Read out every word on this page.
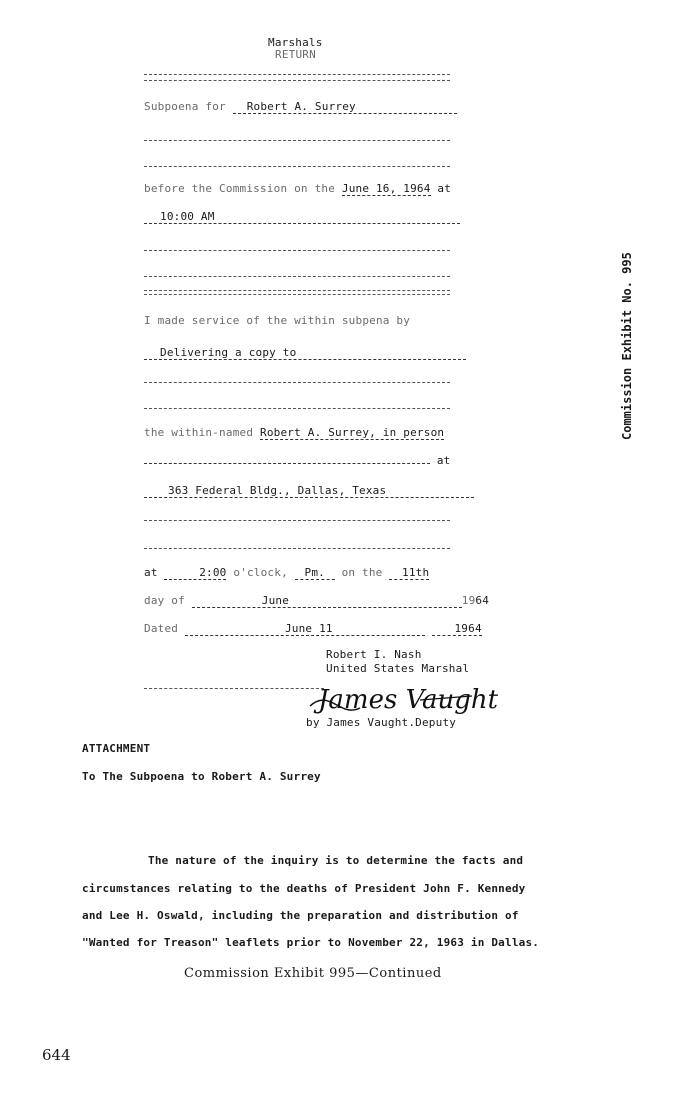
Marshals
RETURN
Subpoena for Robert A. Surrey
before the Commission on the June 16, 1964 at
10:00 AM
I made service of the within subpena by
Delivering a copy to
the within-named Robert A. Surrey, in person
at
363 Federal Bldg., Dallas, Texas
at	2:00 o'clock, Pm. on the 11th
day of	June	1964
Dated	June 11	1964
Robert I. Nash
United States Marshal
James Vaught
by James Vaught.Deputy
ATTACHMENT
To The Subpoena to Robert A. Surrey
The nature of the inquiry is to determine the facts and
circumstances relating to the deaths of President John F. Kennedy
and Lee H. Oswald, including the preparation and distribution of
"Wanted for Treason" leaflets prior to November 22, 1963 in Dallas.
Commission Exhibit 995—Continued
Commission Exhibit No. 995
644
